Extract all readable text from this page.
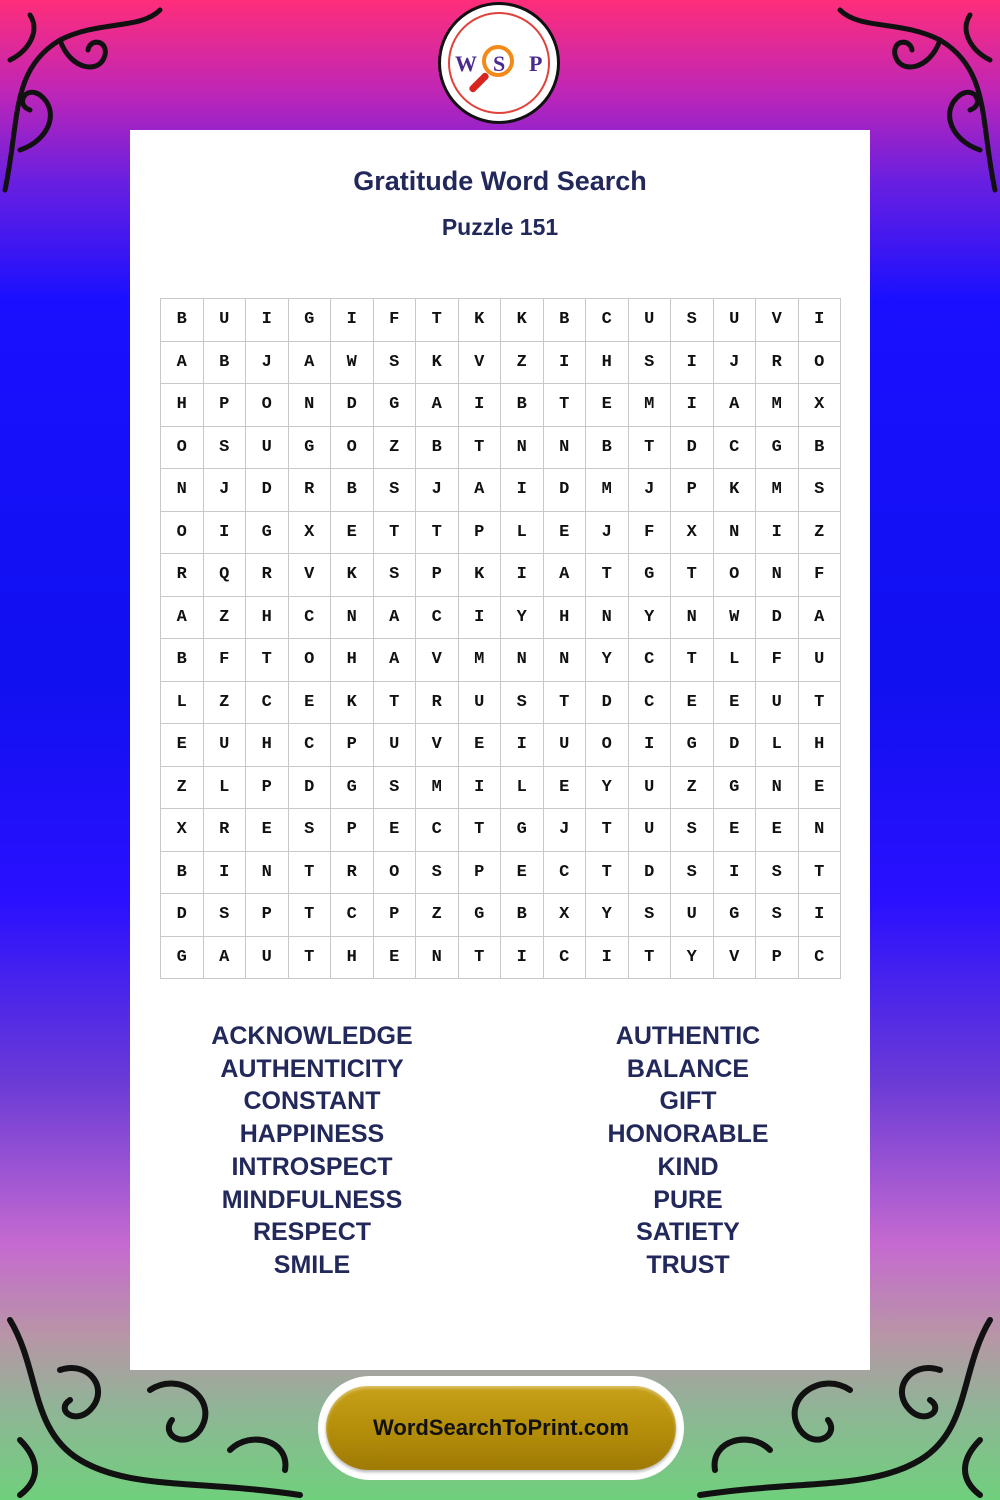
W S P
Gratitude Word Search
Puzzle 151
B	U	I	G	I	F	T	K	K	B	C	U	S	U	V	I
A	B	J	A	W	S	K	V	Z	I	H	S	I	J	R	O
H	P	O	N	D	G	A	I	B	T	E	M	I	A	M	X
O	S	U	G	O	Z	B	T	N	N	B	T	D	C	G	B
N	J	D	R	B	S	J	A	I	D	M	J	P	K	M	S
O	I	G	X	E	T	T	P	L	E	J	F	X	N	I	Z
R	Q	R	V	K	S	P	K	I	A	T	G	T	O	N	F
A	Z	H	C	N	A	C	I	Y	H	N	Y	N	W	D	A
B	F	T	O	H	A	V	M	N	N	Y	C	T	L	F	U
L	Z	C	E	K	T	R	U	S	T	D	C	E	E	U	T
E	U	H	C	P	U	V	E	I	U	O	I	G	D	L	H
Z	L	P	D	G	S	M	I	L	E	Y	U	Z	G	N	E
X	R	E	S	P	E	C	T	G	J	T	U	S	E	E	N
B	I	N	T	R	O	S	P	E	C	T	D	S	I	S	T
D	S	P	T	C	P	Z	G	B	X	Y	S	U	G	S	I
G	A	U	T	H	E	N	T	I	C	I	T	Y	V	P	C
ACKNOWLEDGE
AUTHENTICITY
CONSTANT
HAPPINESS
INTROSPECT
MINDFULNESS
RESPECT
SMILE
AUTHENTIC
BALANCE
GIFT
HONORABLE
KIND
PURE
SATIETY
TRUST
WordSearchToPrint.com
